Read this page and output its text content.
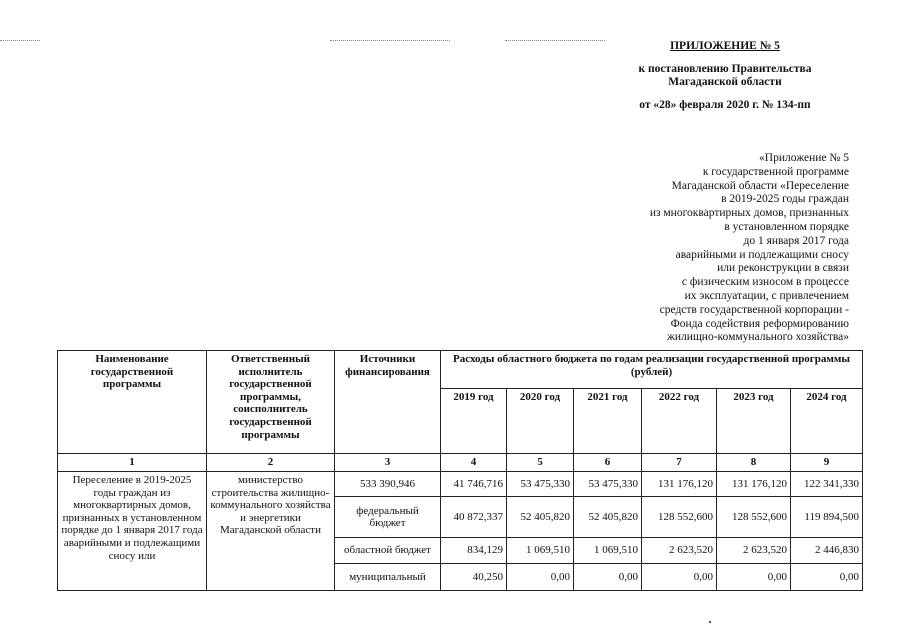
ПРИЛОЖЕНИЕ № 5
к постановлению Правительства
Магаданской области
от «28» февраля 2020 г. № 134-пп
«Приложение № 5
к государственной программе
Магаданской области «Переселение
в 2019-2025 годы граждан
из многоквартирных домов, признанных
в установленном порядке
до 1 января 2017 года
аварийными и подлежащими сносу
или реконструкции в связи
с физическим износом в процессе
их эксплуатации, с привлечением
средств государственной корпорации -
Фонда содействия реформированию
жилищно-коммунального хозяйства»
Наименование государственной программы	Ответственный исполнитель государственной программы, соисполнитель государственной программы	Источники финансирования	Расходы областного бюджета по годам реализации государственной программы (рублей)					
			2019 год	2020 год	2021 год	2022 год	2023 год	2024 год
1	2	3	4	5	6	7	8	9

Переселение в 2019-2025 годы граждан из многоквартирных домов, признанных в установленном порядке до 1 января 2017 года аварийными и подлежащими сносу или	министерство строительства жилищно-коммунального хозяйства и энергетики Магаданской области	533 390,946	41 746,716	53 475,330	53 475,330	131 176,120	131 176,120	122 341,330
		федеральный бюджет	40 872,337	52 405,820	52 405,820	128 552,600	128 552,600	119 894,500
		областной бюджет	834,129	1 069,510	1 069,510	2 623,520	2 623,520	2 446,830
		муниципальный	40,250	0,00	0,00	0,00	0,00	0,00
